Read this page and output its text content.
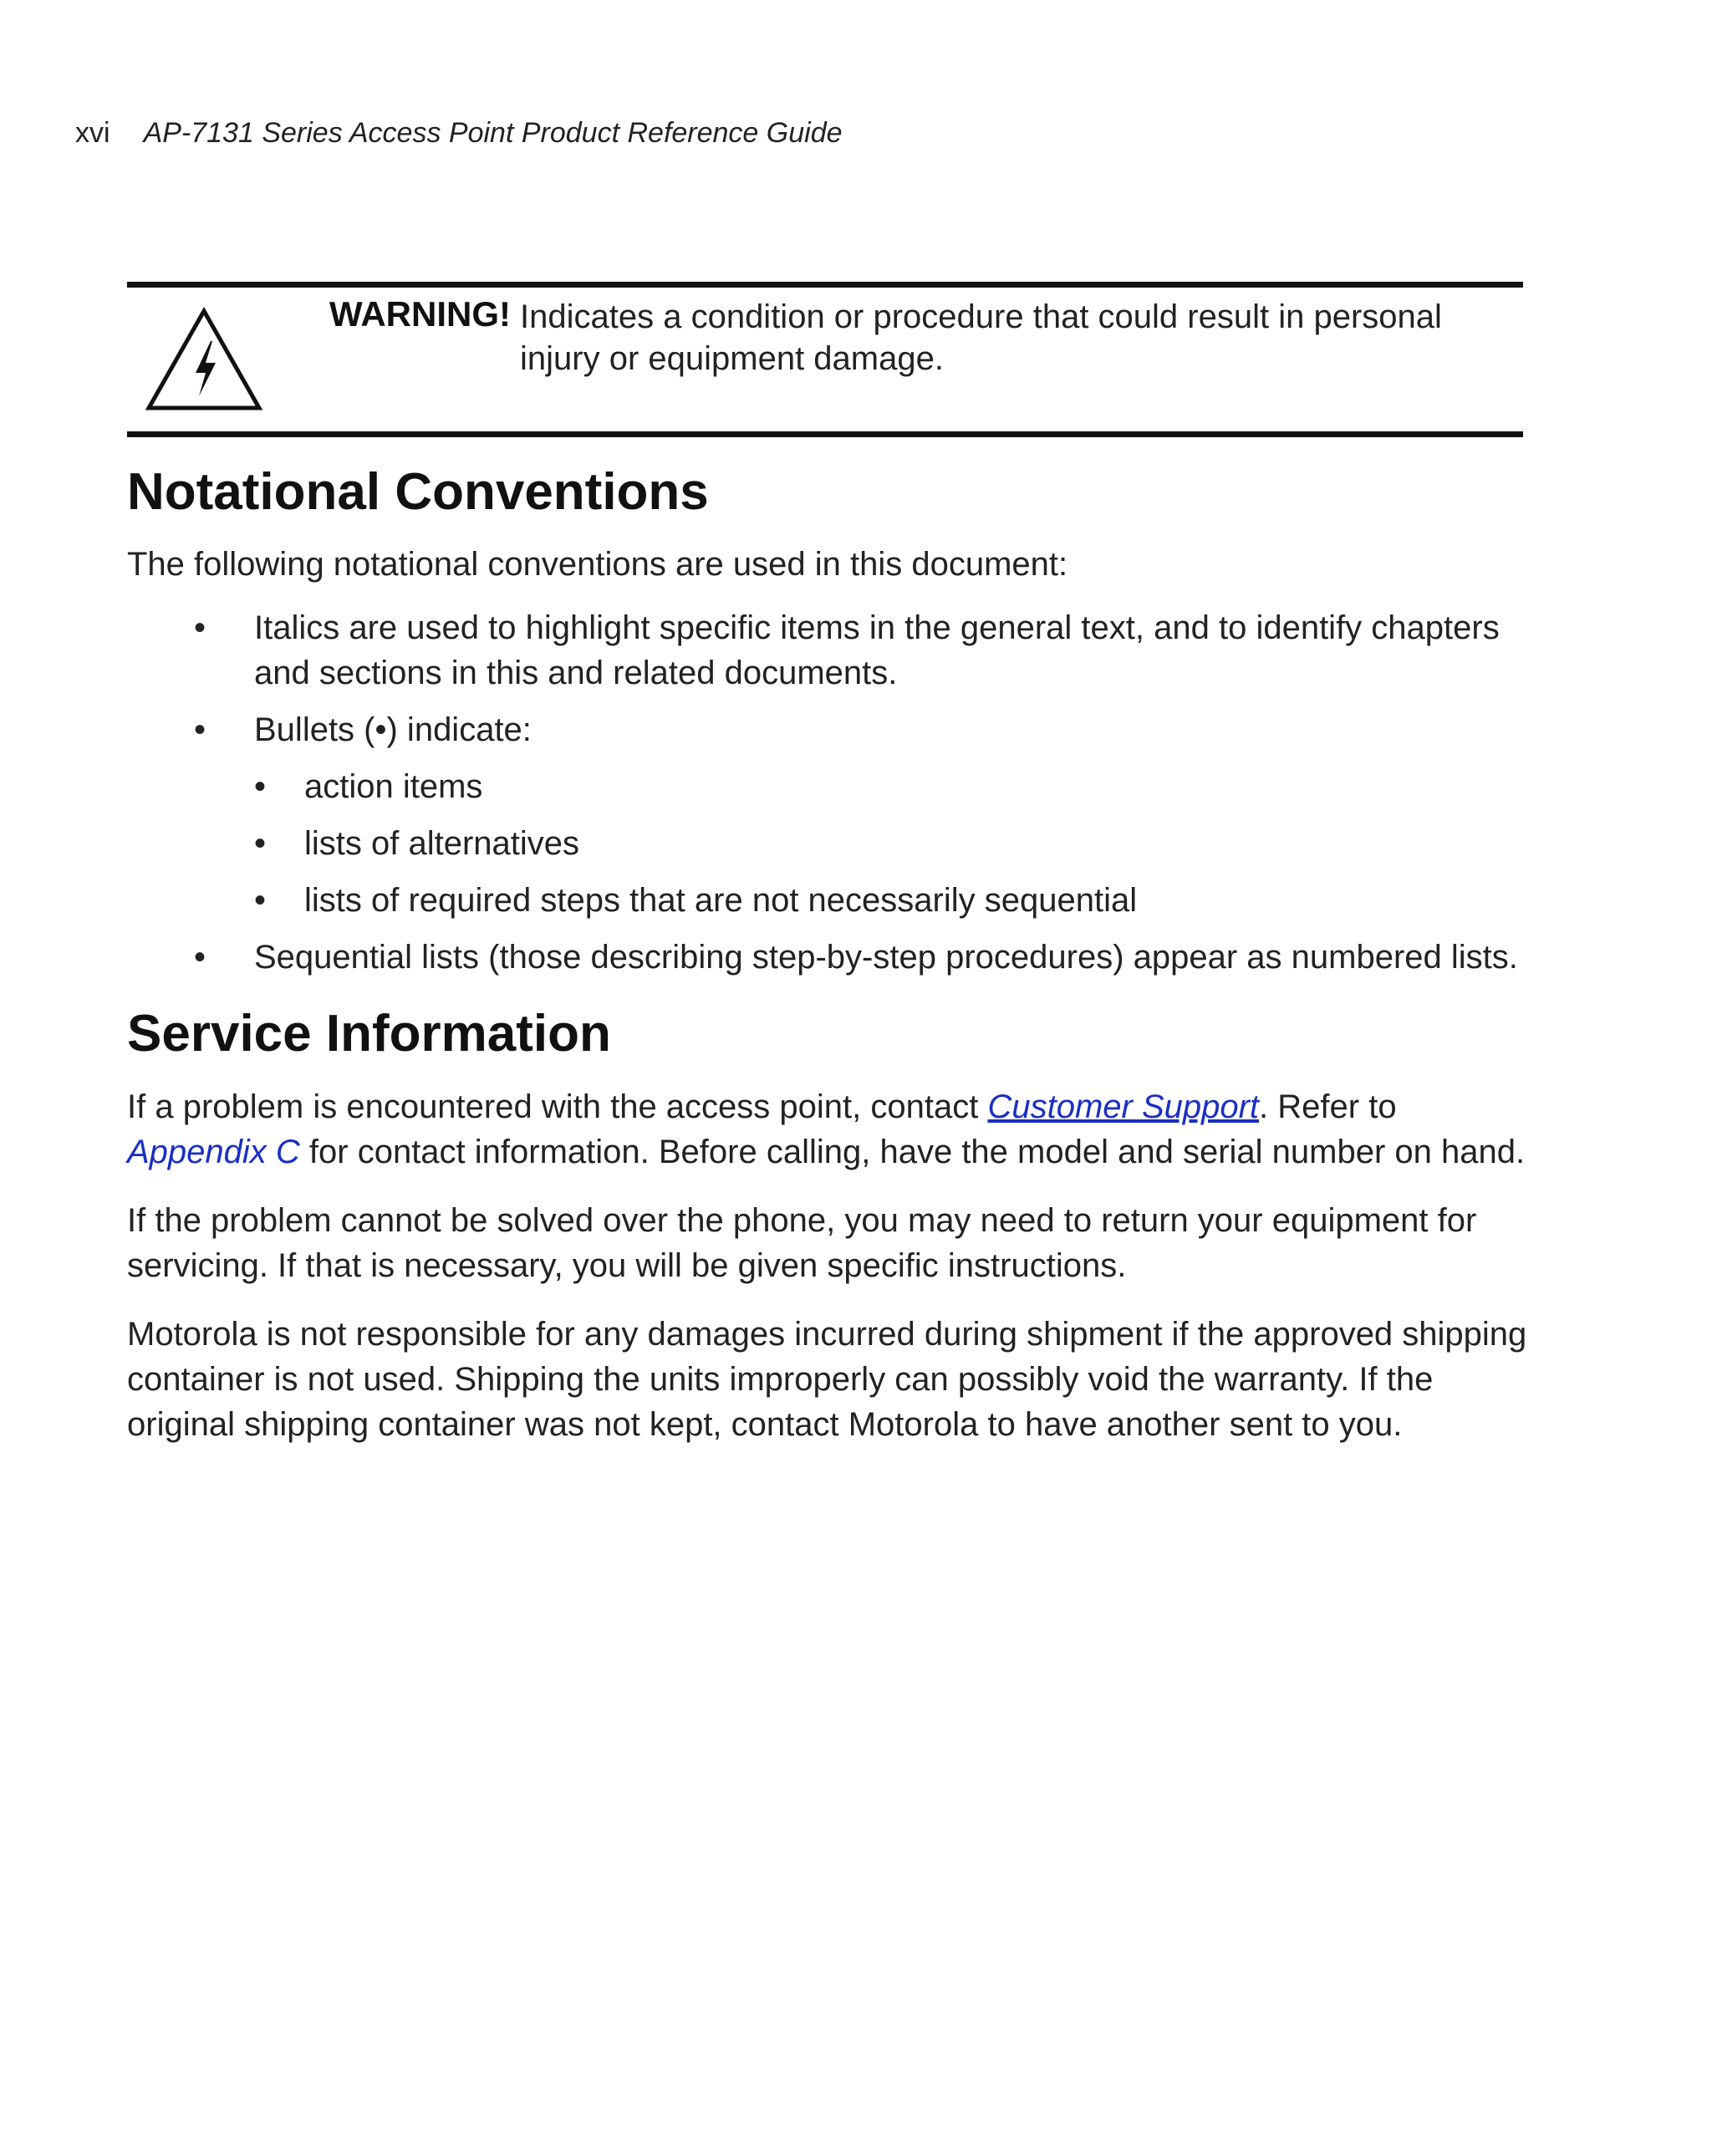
xvi AP-7131 Series Access Point Product Reference Guide
WARNING! Indicates a condition or procedure that could result in personal injury or equipment damage.
Notational Conventions

The following notational conventions are used in this document:

• Italics are used to highlight specific items in the general text, and to identify chapters and sections in this and related documents.
• Bullets (•) indicate:
• action items
• lists of alternatives
• lists of required steps that are not necessarily sequential
• Sequential lists (those describing step-by-step procedures) appear as numbered lists.
Service Information

If a problem is encountered with the access point, contact Customer Support. Refer to Appendix C for contact information. Before calling, have the model and serial number on hand.

If the problem cannot be solved over the phone, you may need to return your equipment for servicing. If that is necessary, you will be given specific instructions.

Motorola is not responsible for any damages incurred during shipment if the approved shipping container is not used. Shipping the units improperly can possibly void the warranty. If the original shipping container was not kept, contact Motorola to have another sent to you.
